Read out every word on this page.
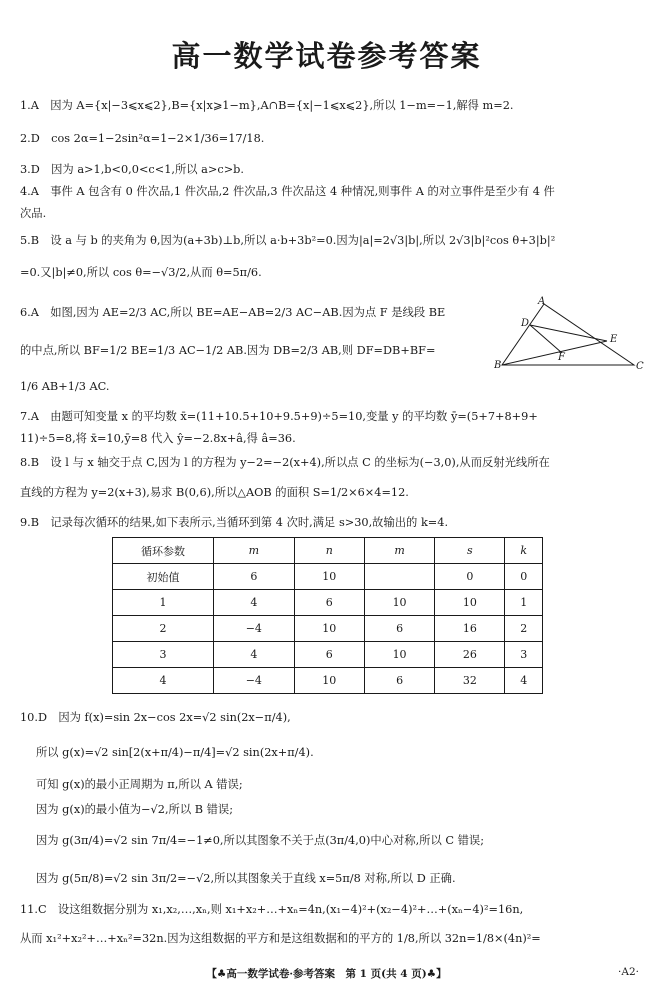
高一数学试卷参考答案
1.A　因为 A={x|−3⩽x⩽2},B={x|x⩾1−m},A∩B={x|−1⩽x⩽2},所以 1−m=−1,解得 m=2.
2.D　cos 2α=1−2sin²α=1−2×1/36=17/18.
3.D　因为 a>1,b<0,0<c<1,所以 a>c>b.
4.A　事件 A 包含有 0 件次品,1 件次品,2 件次品,3 件次品这 4 种情况,则事件 A 的对立事件是至少有 4 件
次品.
5.B　设 a 与 b 的夹角为 θ,因为(a+3b)⊥b,所以 a·b+3b²=0.因为|a|=2√3|b|,所以 2√3|b|²cos θ+3|b|²
=0.又|b|≠0,所以 cos θ=−√3/2,从而 θ=5π/6.
6.A　如图,因为 AE=2/3 AC,所以 BE=AE−AB=2/3 AC−AB.因为点 F 是线段 BE
的中点,所以 BF=1/2 BE=1/3 AC−1/2 AB.因为 DB=2/3 AB,则 DF=DB+BF=
1/6 AB+1/3 AC.
7.A　由题可知变量 x 的平均数 x̄=(11+10.5+10+9.5+9)÷5=10,变量 y 的平均数 ȳ=(5+7+8+9+
11)÷5=8,将 x̄=10,ȳ=8 代入 ŷ=−2.8x+â,得 â=36.
8.B　设 l 与 x 轴交于点 C,因为 l 的方程为 y−2=−2(x+4),所以点 C 的坐标为(−3,0),从而反射光线所在
直线的方程为 y=2(x+3),易求 B(0,6),所以△AOB 的面积 S=1/2×6×4=12.
9.B　记录每次循环的结果,如下表所示,当循环到第 4 次时,满足 s>30,故输出的 k=4.
A
D
E
F
B	C
循环参数	m	n	m	s	k
初始值	6	10		0	0
1	4	6	10	10	1
2	−4	10	6	16	2
3	4	6	10	26	3
4	−4	10	6	32	4
10.D　因为 f(x)=sin 2x−cos 2x=√2 sin(2x−π/4),
所以 g(x)=√2 sin[2(x+π/4)−π/4]=√2 sin(2x+π/4).
可知 g(x)的最小正周期为 π,所以 A 错误;
因为 g(x)的最小值为−√2,所以 B 错误;
因为 g(3π/4)=√2 sin 7π/4=−1≠0,所以其图象不关于点(3π/4,0)中心对称,所以 C 错误;
因为 g(5π/8)=√2 sin 3π/2=−√2,所以其图象关于直线 x=5π/8 对称,所以 D 正确.
11.C　设这组数据分别为 x₁,x₂,…,xₙ,则 x₁+x₂+…+xₙ=4n,(x₁−4)²+(x₂−4)²+…+(xₙ−4)²=16n,
从而 x₁²+x₂²+…+xₙ²=32n.因为这组数据的平方和是这组数据和的平方的 1/8,所以 32n=1/8×(4n)²=
【♣高一数学试卷·参考答案　第 1 页(共 4 页)♣】	·A2·
